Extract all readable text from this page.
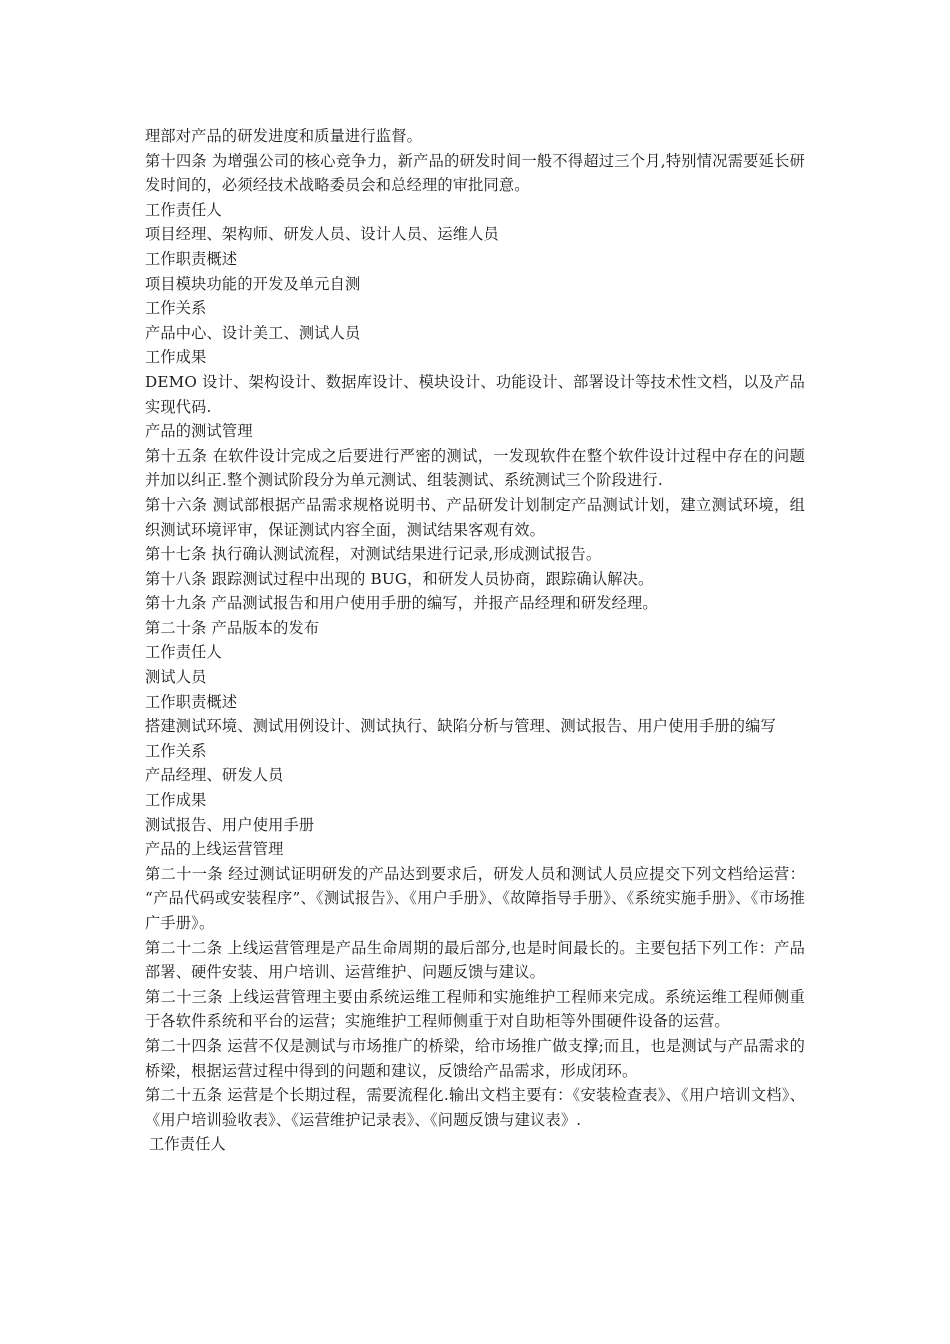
理部对产品的研发进度和质量进行监督。
第十四条 为增强公司的核心竞争力，新产品的研发时间一般不得超过三个月,特别情况需要延长研发时间的，必须经技术战略委员会和总经理的审批同意。
工作责任人
项目经理、架构师、研发人员、设计人员、运维人员
工作职责概述
项目模块功能的开发及单元自测
工作关系
产品中心、设计美工、测试人员
工作成果
DEMO 设计、架构设计、数据库设计、模块设计、功能设计、部署设计等技术性文档，以及产品实现代码.
产品的测试管理
第十五条 在软件设计完成之后要进行严密的测试，一发现软件在整个软件设计过程中存在的问题并加以纠正.整个测试阶段分为单元测试、组装测试、系统测试三个阶段进行.
第十六条 测试部根据产品需求规格说明书、产品研发计划制定产品测试计划，建立测试环境，组织测试环境评审，保证测试内容全面，测试结果客观有效。
第十七条 执行确认测试流程，对测试结果进行记录,形成测试报告。
第十八条 跟踪测试过程中出现的 BUG，和研发人员协商，跟踪确认解决。
第十九条 产品测试报告和用户使用手册的编写，并报产品经理和研发经理。
第二十条 产品版本的发布
工作责任人
测试人员
工作职责概述
搭建测试环境、测试用例设计、测试执行、缺陷分析与管理、测试报告、用户使用手册的编写
工作关系
产品经理、研发人员
工作成果
测试报告、用户使用手册
产品的上线运营管理
第二十一条 经过测试证明研发的产品达到要求后，研发人员和测试人员应提交下列文档给运营： “产品代码或安装程序”、《测试报告》、《用户手册》、《故障指导手册》、《系统实施手册》、《市场推广手册》。
第二十二条 上线运营管理是产品生命周期的最后部分,也是时间最长的。主要包括下列工作：产品部署、硬件安装、用户培训、运营维护、问题反馈与建议。
第二十三条 上线运营管理主要由系统运维工程师和实施维护工程师来完成。系统运维工程师侧重于各软件系统和平台的运营；实施维护工程师侧重于对自助柜等外围硬件设备的运营。
第二十四条 运营不仅是测试与市场推广的桥梁，给市场推广做支撑;而且，也是测试与产品需求的桥梁，根据运营过程中得到的问题和建议，反馈给产品需求，形成闭环。
第二十五条 运营是个长期过程，需要流程化.输出文档主要有：《安装检查表》、《用户培训文档》、《用户培训验收表》、《运营维护记录表》、《问题反馈与建议表》.
工作责任人
